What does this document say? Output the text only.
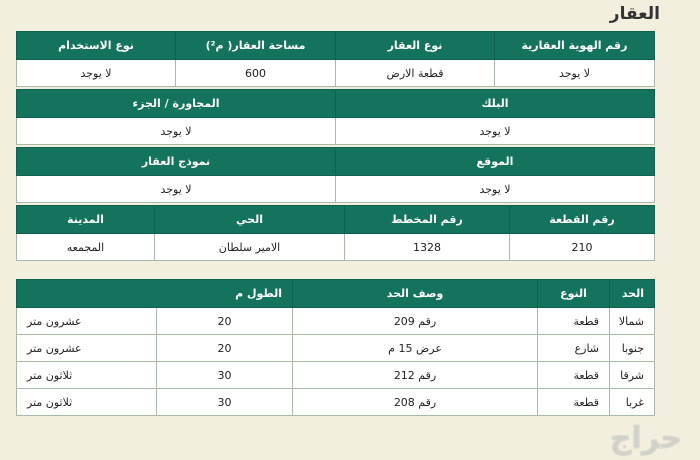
العقار
رقم الهوية العقارية	نوع العقار	مساحة العقار( م²)	نوع الاستخدام
لا يوجد	قطعة الارض	600	لا يوجد
البلك	المجاورة / الجزء
لا يوجد	لا يوجد
الموقع	نموذج العقار
لا يوجد	لا يوجد
رقم القطعة	رقم المخطط	الحي	المدينة
210	1328	الامير سلطان	المجمعه
الحد	النوع	وصف الحد	الطول م	
شمالا	قطعة	رقم 209	20	عشرون متر
جنوبا	شارع	عرض 15 م	20	عشرون متر
شرقا	قطعة	رقم 212	30	ثلاثون متر
غربا	قطعة	رقم 208	30	ثلاثون متر
حراج
